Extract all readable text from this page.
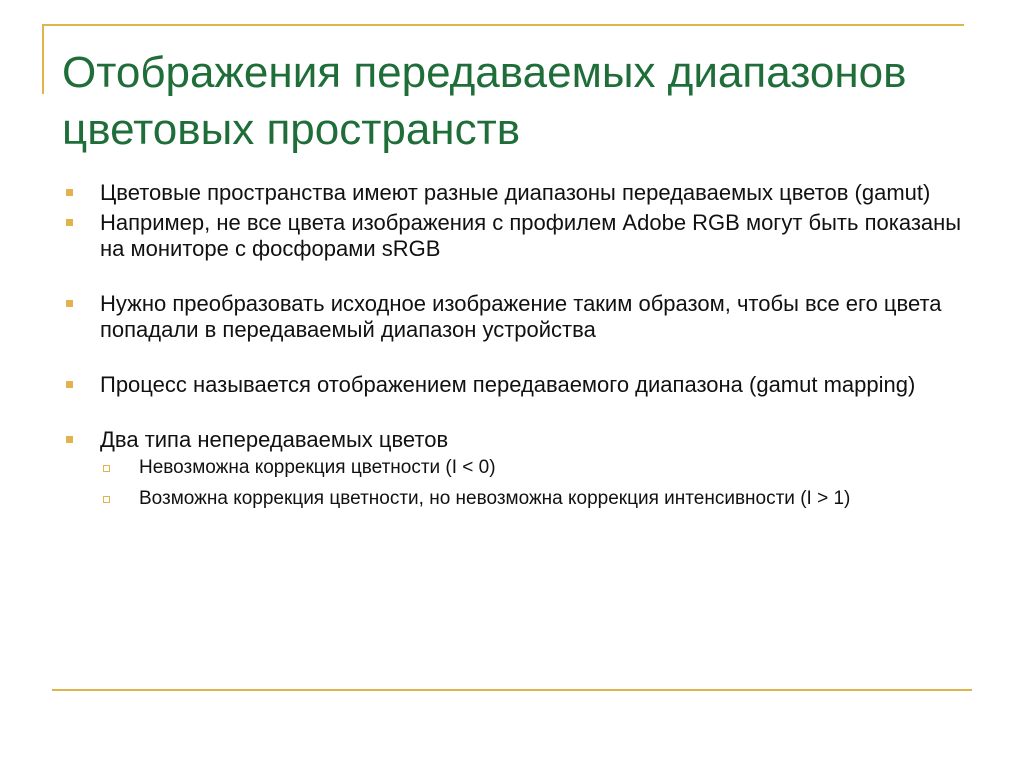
Отображения передаваемых диапазонов цветовых пространств
Цветовые пространства имеют разные диапазоны передаваемых цветов (gamut)
Например, не все цвета изображения с профилем Adobe RGB могут быть показаны на мониторе с фосфорами sRGB
Нужно преобразовать исходное изображение таким образом, чтобы все его цвета попадали в передаваемый диапазон устройства
Процесс называется отображением передаваемого диапазона (gamut mapping)
Два типа непередаваемых цветов
Невозможна коррекция цветности (I < 0)
Возможна коррекция цветности, но невозможна коррекция интенсивности (I > 1)
